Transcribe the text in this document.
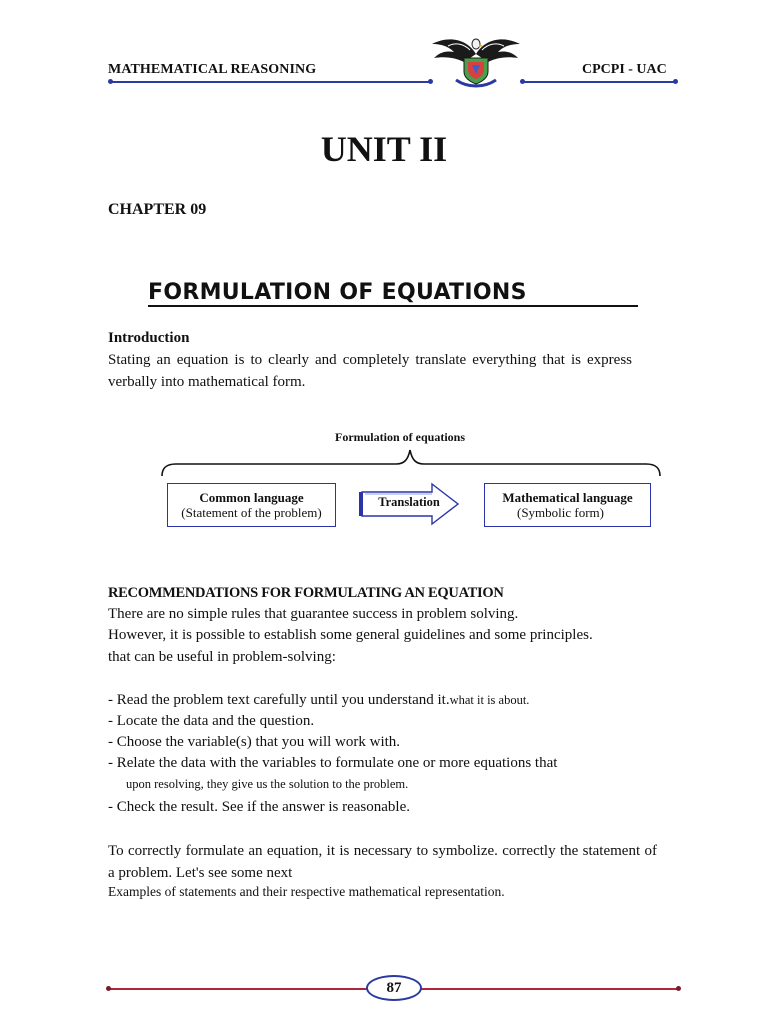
MATHEMATICAL REASONING	CPCPI - UAC
UNIT II
CHAPTER 09
FORMULATION OF EQUATIONS
Introduction
Stating an equation is to clearly and completely translate everything that is express verbally into mathematical form.
Formulation of equations
Common language
(Statement of the problem)
Translation	Mathematical language
(Symbolic form)
RECOMMENDATIONS FOR FORMULATING AN EQUATION
There are no simple rules that guarantee success in problem solving.
However, it is possible to establish some general guidelines and some principles.
that can be useful in problem-solving:
- Read the problem text carefully until you understand it.what it is about.
- Locate the data and the question.
- Choose the variable(s) that you will work with.
- Relate the data with the variables to formulate one or more equations that
upon resolving, they give us the solution to the problem.
- Check the result. See if the answer is reasonable.
To correctly formulate an equation, it is necessary to symbolize. correctly the statement of a problem. Let's see some next
Examples of statements and their respective mathematical representation.
87
